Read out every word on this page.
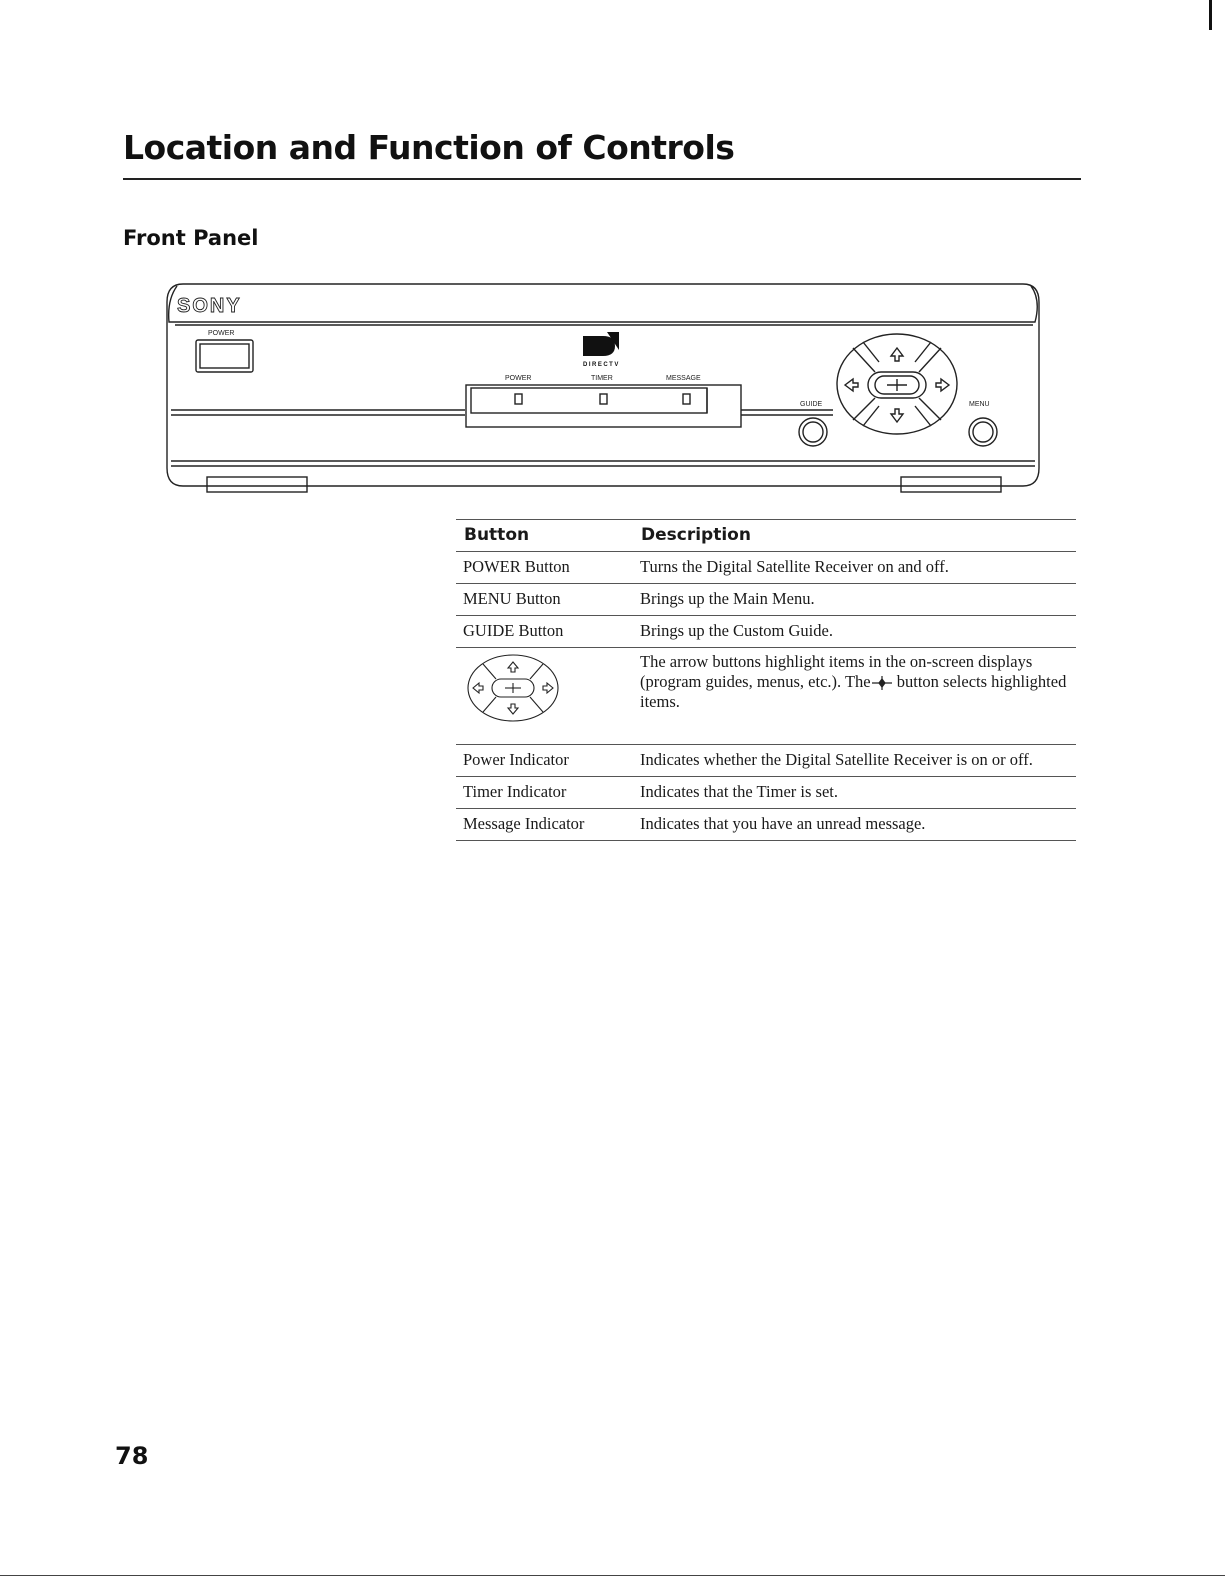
Location and Function of Controls
Front Panel
SONY
DIRECTV
POWER
POWER	TIMER	MESSAGE
GUIDE	MENU
Button	Description
POWER Button	Turns the Digital Satellite Receiver on and off.
MENU Button	Brings up the Main Menu.
GUIDE Button	Brings up the Custom Guide.
	The arrow buttons highlight items in the on-screen displays (program guides, menus, etc.). The button selects highlighted items.
Power Indicator	Indicates whether the Digital Satellite Receiver is on or off.
Timer Indicator	Indicates that the Timer is set.
Message Indicator	Indicates that you have an unread message.
78
